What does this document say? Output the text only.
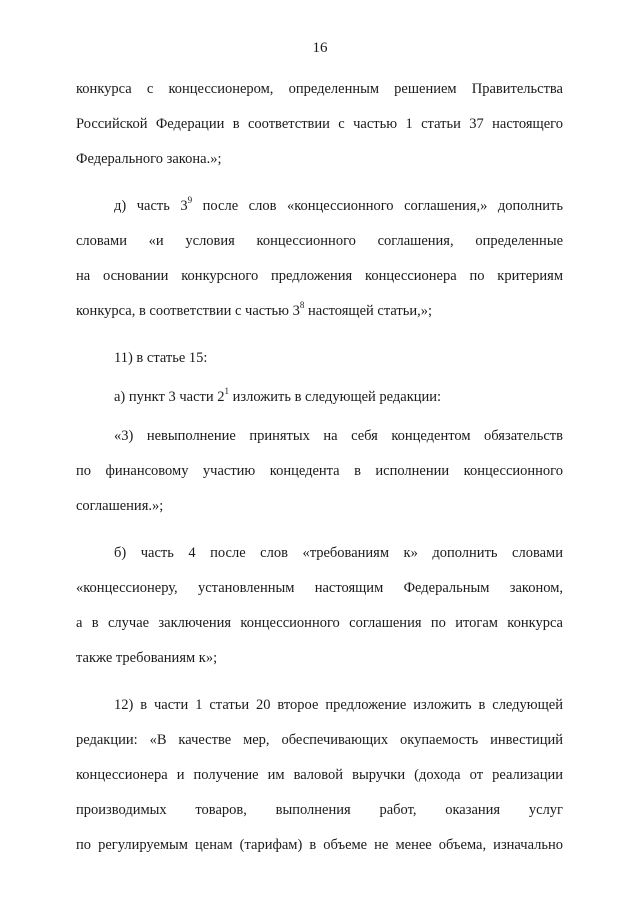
16
конкурса с концессионером, определенным решением Правительства
Российской Федерации в соответствии с частью 1 статьи 37 настоящего
Федерального закона.»;
д) часть $3^9$ после слов «концессионного соглашения,» дополнить
словами «и условия концессионного соглашения, определенные
на основании конкурсного предложения концессионера по критериям
конкурса, в соответствии с частью $3^8$ настоящей статьи,»;
11) в статье 15:
а) пункт 3 части $2^1$ изложить в следующей редакции:
«3) невыполнение принятых на себя концедентом обязательств
по финансовому участию концедента в исполнении концессионного
соглашения.»;
б) часть 4 после слов «требованиям к» дополнить словами
«концессионеру, установленным настоящим Федеральным законом,
а в случае заключения концессионного соглашения по итогам конкурса
также требованиям к»;
12) в части 1 статьи 20 второе предложение изложить в следующей
редакции: «В качестве мер, обеспечивающих окупаемость инвестиций
концессионера и получение им валовой выручки (дохода от реализации
производимых товаров, выполнения работ, оказания услуг
по регулируемым ценам (тарифам) в объеме не менее объема, изначально
